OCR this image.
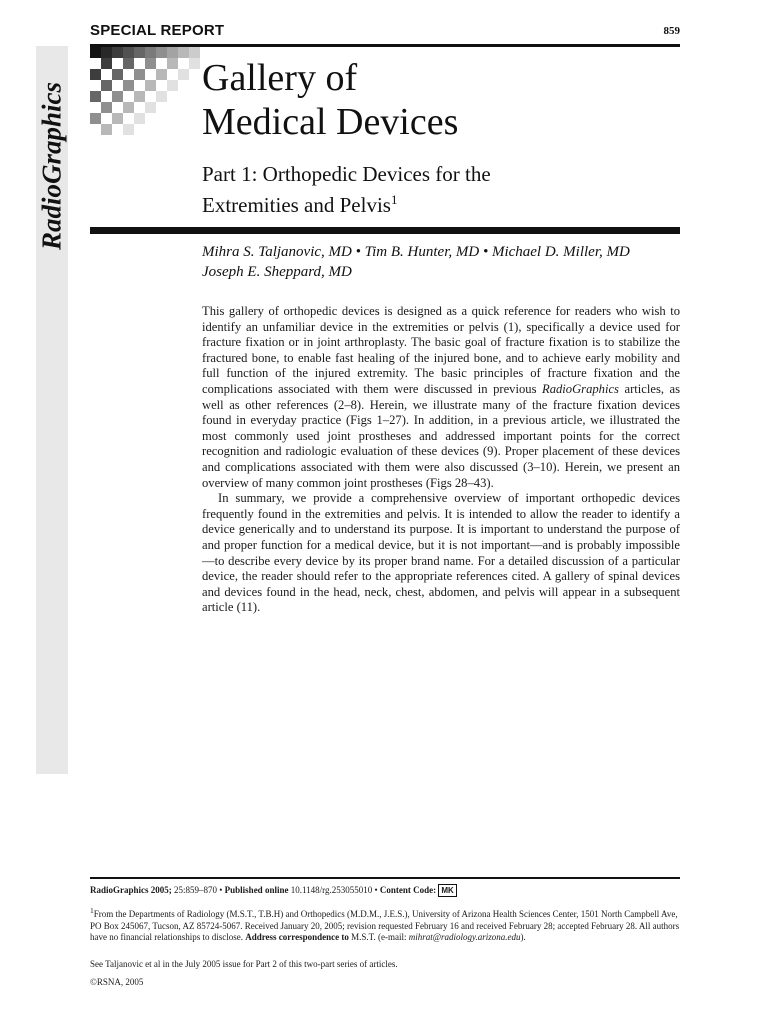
RadioGraphics
SPECIAL REPORT	859
Gallery of
Medical Devices
Part 1: Orthopedic Devices for the
Extremities and Pelvis$^1$

Mihra S. Taljanovic, MD • Tim B. Hunter, MD • Michael D. Miller, MD
Joseph E. Sheppard, MD

This gallery of orthopedic devices is designed as a quick reference for readers who wish to identify an unfamiliar device in the extremities or pelvis (1), specifically a device used for fracture fixation or in joint arthroplasty. The basic goal of fracture fixation is to stabilize the fractured bone, to enable fast healing of the injured bone, and to achieve early mobility and full function of the injured extremity. The basic principles of fracture fixation and the complications associated with them were discussed in previous RadioGraphics articles, as well as other references (2–8). Herein, we illustrate many of the fracture fixation devices found in everyday practice (Figs 1–27). In addition, in a previous article, we illustrated the most commonly used joint prostheses and addressed important points for the correct recognition and radiologic evaluation of these devices (9). Proper placement of these devices and complications associated with them were also discussed (3–10). Herein, we present an overview of many common joint prostheses (Figs 28–43).

In summary, we provide a comprehensive overview of important orthopedic devices frequently found in the extremities and pelvis. It is intended to allow the reader to identify a device generically and to understand its purpose. It is important to understand the purpose of and proper function for a medical device, but it is not important—and is probably impossible—to describe every device by its proper brand name. For a detailed discussion of a particular device, the reader should refer to the appropriate references cited. A gallery of spinal devices and devices found in the head, neck, chest, abdomen, and pelvis will appear in a subsequent article (11).

RadioGraphics 2005; 25:859–870 • Published online 10.1148/rg.253055010 • Content Code: MK
$^1$From the Departments of Radiology (M.S.T., T.B.H) and Orthopedics (M.D.M., J.E.S.), University of Arizona Health Sciences Center, 1501 North Campbell Ave, PO Box 245067, Tucson, AZ 85724-5067. Received January 20, 2005; revision requested February 16 and received February 28; accepted February 28. All authors have no financial relationships to disclose. Address correspondence to M.S.T. (e-mail: mihrat@radiology.arizona.edu).
See Taljanovic et al in the July 2005 issue for Part 2 of this two-part series of articles.
©RSNA, 2005
